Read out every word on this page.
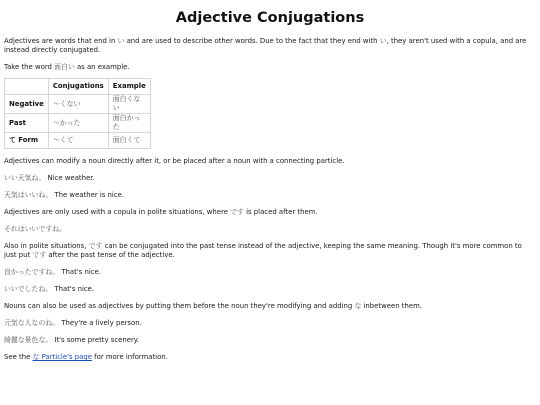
Adjective Conjugations

Adjectives are words that end in い and are used to describe other words. Due to the fact that they end with い, they aren't used with a copula, and are instead directly conjugated.

Take the word 面白い as an example.

	Conjugations	Example
Negative	〜くない	面白くない
Past	〜かった	面白かった
て Form	〜くて	面白くて

Adjectives can modify a noun directly after it, or be placed after a noun with a connecting particle.

いい天気ね。 Nice weather.

天気はいいね。 The weather is nice.

Adjectives are only used with a copula in polite situations, where です is placed after them.

それはいいですね。

Also in polite situations, です can be conjugated into the past tense instead of the adjective, keeping the same meaning. Though it's more common to just put です after the past tense of the adjective.

良かったですね。 That's nice.

いいでしたね。 That's nice.

Nouns can also be used as adjectives by putting them before the noun they're modifying and adding な inbetween them.

元気な人なのね。 They're a lively person.

綺麗な景色な。 It's some pretty scenery.

See the な Particle's page for more information.
